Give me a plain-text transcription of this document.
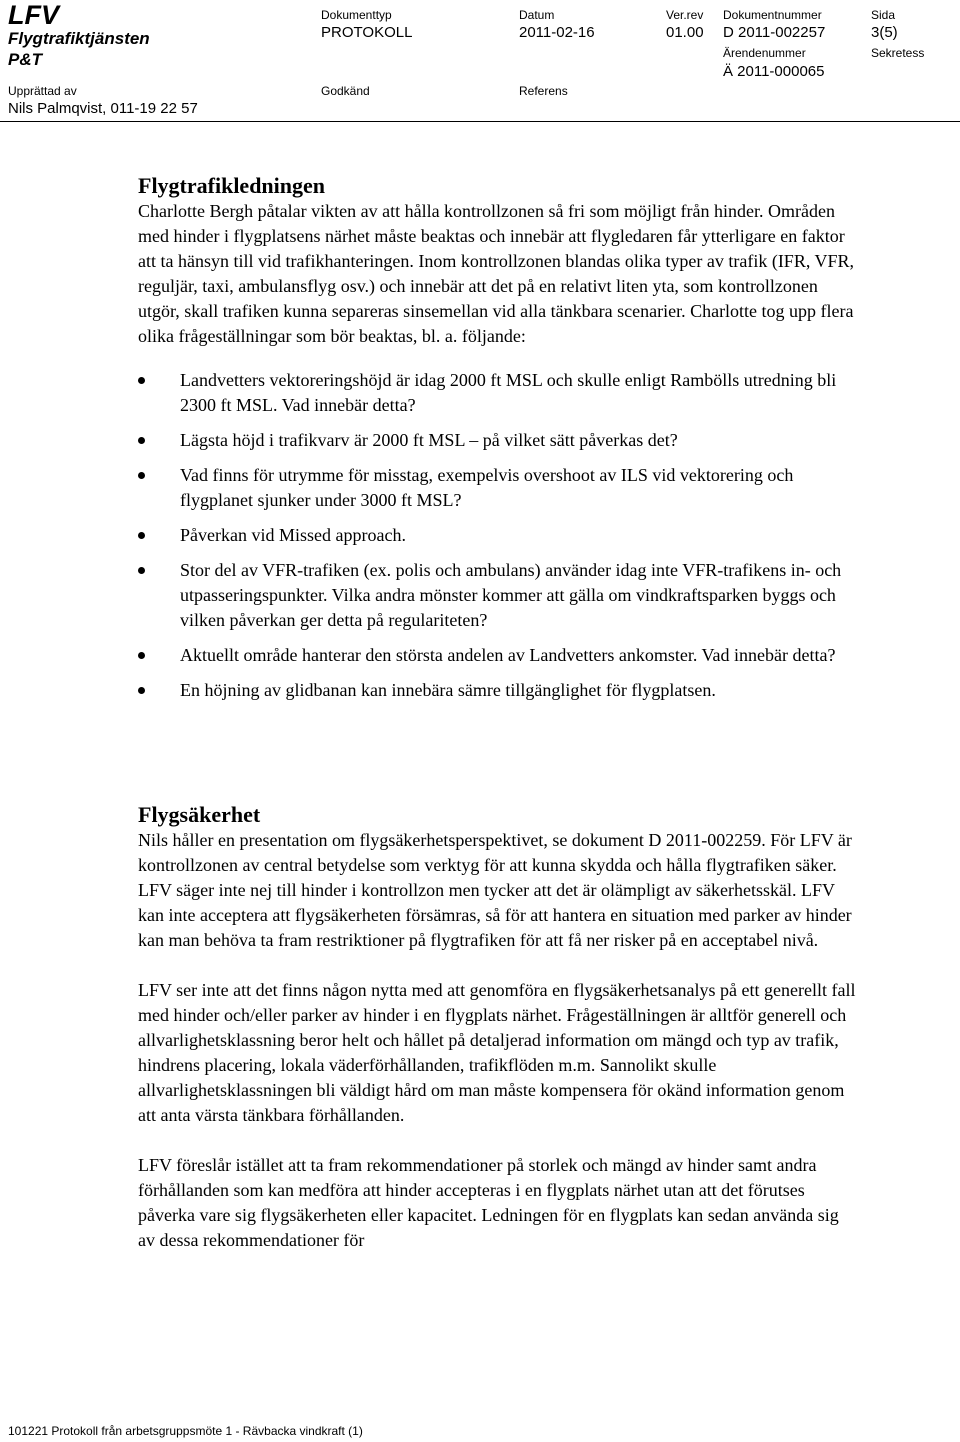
LFV
Flygtrafiktjänsten
P&T
Dokumenttyp
PROTOKOLL
Datum
2011-02-16
Ver.rev
01.00
Dokumentnummer
D 2011-002257
Sida
3(5)
Ärendenummer
Ä 2011-000065
Sekretess
Upprättad av
Nils Palmqvist, 011-19 22 57
Godkänd	Referens
Flygtrafikledningen

Charlotte Bergh påtalar vikten av att hålla kontrollzonen så fri som möjligt från hinder. Områden med hinder i flygplatsens närhet måste beaktas och innebär att flygledaren får ytterligare en faktor att ta hänsyn till vid trafikhanteringen. Inom kontrollzonen blandas olika typer av trafik (IFR, VFR, reguljär, taxi, ambulansflyg osv.) och innebär att det på en relativt liten yta, som kontrollzonen utgör, skall trafiken kunna separeras sinsemellan vid alla tänkbara scenarier. Charlotte tog upp flera olika frågeställningar som bör beaktas, bl. a. följande:

Landvetters vektoreringshöjd är idag 2000 ft MSL och skulle enligt Rambölls utredning bli 2300 ft MSL. Vad innebär detta?
Lägsta höjd i trafikvarv är 2000 ft MSL – på vilket sätt påverkas det?
Vad finns för utrymme för misstag, exempelvis overshoot av ILS vid vektorering och flygplanet sjunker under 3000 ft MSL?
Påverkan vid Missed approach.
Stor del av VFR-trafiken (ex. polis och ambulans) använder idag inte VFR-trafikens in- och utpasseringspunkter. Vilka andra mönster kommer att gälla om vindkraftsparken byggs och vilken påverkan ger detta på regulariteten?
Aktuellt område hanterar den största andelen av Landvetters ankomster. Vad innebär detta?
En höjning av glidbanan kan innebära sämre tillgänglighet för flygplatsen.
Flygsäkerhet

Nils håller en presentation om flygsäkerhetsperspektivet, se dokument D 2011-002259. För LFV är kontrollzonen av central betydelse som verktyg för att kunna skydda och hålla flygtrafiken säker. LFV säger inte nej till hinder i kontrollzon men tycker att det är olämpligt av säkerhetsskäl. LFV kan inte acceptera att flygsäkerheten försämras, så för att hantera en situation med parker av hinder kan man behöva ta fram restriktioner på flygtrafiken för att få ner risker på en acceptabel nivå.

LFV ser inte att det finns någon nytta med att genomföra en flygsäkerhetsanalys på ett generellt fall med hinder och/eller parker av hinder i en flygplats närhet. Frågeställningen är alltför generell och allvarlighetsklassning beror helt och hållet på detaljerad information om mängd och typ av trafik, hindrens placering, lokala väderförhållanden, trafikflöden m.m. Sannolikt skulle allvarlighetsklassningen bli väldigt hård om man måste kompensera för okänd information genom att anta värsta tänkbara förhållanden.

LFV föreslår istället att ta fram rekommendationer på storlek och mängd av hinder samt andra förhållanden som kan medföra att hinder accepteras i en flygplats närhet utan att det förutses påverka vare sig flygsäkerheten eller kapacitet. Ledningen för en flygplats kan sedan använda sig av dessa rekommendationer för

101221 Protokoll från arbetsgruppsmöte 1 - Rävbacka vindkraft (1)
